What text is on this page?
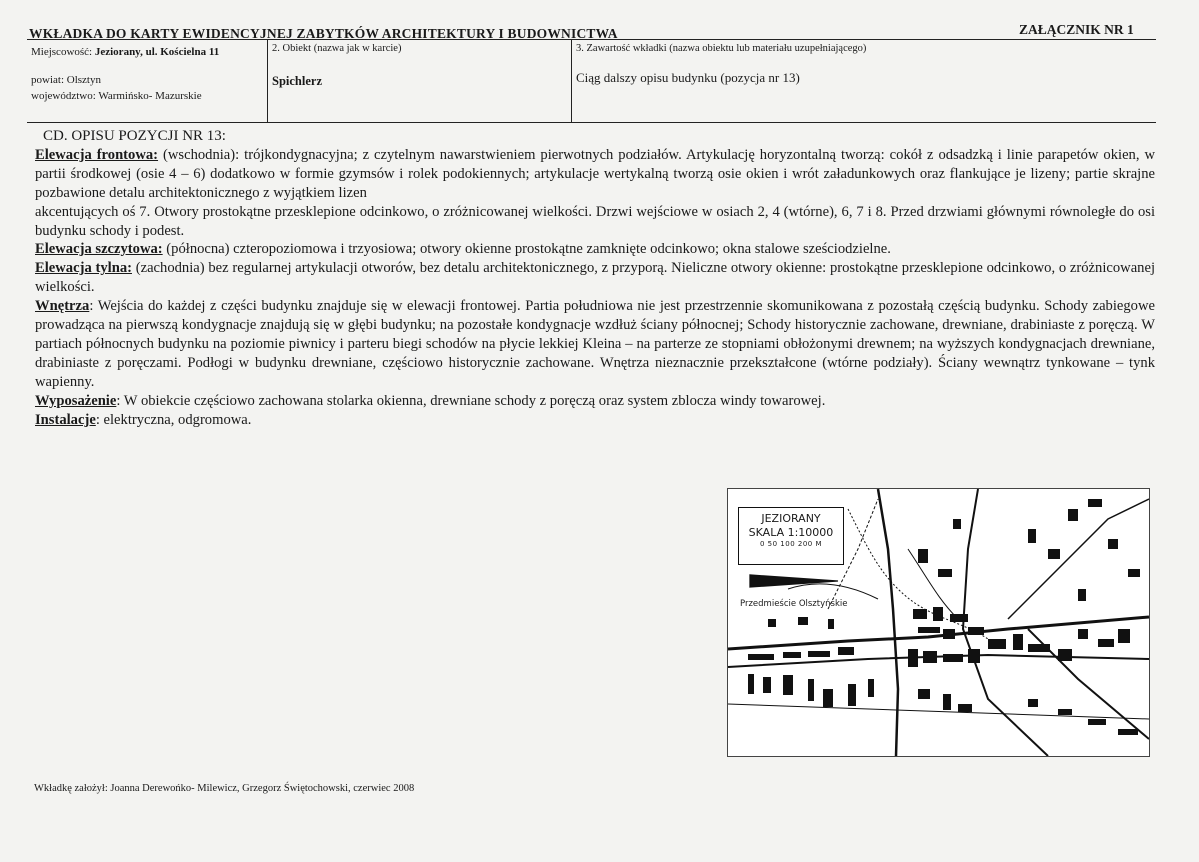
WKŁADKA DO KARTY EWIDENCYJNEJ ZABYTKÓW ARCHITEKTURY I BUDOWNICTWA	ZAŁĄCZNIK NR 1
Miejscowość: Jeziorany, ul. Kościelna 11
powiat: Olsztyn
województwo: Warmińsko- Mazurskie
2. Obiekt (nazwa jak w karcie)
Spichlerz
3. Zawartość wkładki (nazwa obiektu lub materiału uzupełniającego)
Ciąg dalszy opisu budynku (pozycja nr 13)

CD. OPISU POZYCJI NR 13:

Elewacja frontowa: (wschodnia): trójkondygnacyjna; z czytelnym nawarstwieniem pierwotnych podziałów. Artykulację horyzontalną tworzą: cokół z odsadzką i linie parapetów okien, w partii środkowej (osie 4 – 6) dodatkowo w formie gzymsów i rolek podokiennych; artykulacje wertykalną tworzą osie okien i wrót załadunkowych oraz flankujące je lizeny; partie skrajne pozbawione detalu architektonicznego z wyjątkiem lizen

akcentujących oś 7. Otwory prostokątne przesklepione odcinkowo, o zróżnicowanej wielkości. Drzwi wejściowe w osiach 2, 4 (wtórne), 6, 7 i 8. Przed drzwiami głównymi równoległe do osi budynku schody i podest.

Elewacja szczytowa: (północna) czteropoziomowa i trzyosiowa; otwory okienne prostokątne zamknięte odcinkowo; okna stalowe sześciodzielne.

Elewacja tylna: (zachodnia) bez regularnej artykulacji otworów, bez detalu architektonicznego, z przyporą. Nieliczne otwory okienne: prostokątne przesklepione odcinkowo, o zróżnicowanej wielkości.

Wnętrza: Wejścia do każdej z części budynku znajduje się w elewacji frontowej. Partia południowa nie jest przestrzennie skomunikowana z pozostałą częścią budynku. Schody zabiegowe prowadząca na pierwszą kondygnacje znajdują się w głębi budynku; na pozostałe kondygnacje wzdłuż ściany północnej; Schody historycznie zachowane, drewniane, drabiniaste z poręczą. W partiach północnych budynku na poziomie piwnicy i parteru biegi schodów na płycie lekkiej Kleina – na parterze ze stopniami obłożonymi drewnem; na wyższych kondygnacjach drewniane, drabiniaste z poręczami. Podłogi w budynku drewniane, częściowo historycznie zachowane. Wnętrza nieznacznie przekształcone (wtórne podziały). Ściany wewnątrz tynkowane – tynk wapienny.

Wyposażenie: W obiekcie częściowo zachowana stolarka okienna, drewniane schody z poręczą oraz system zblocza windy towarowej.

Instalacje: elektryczna, odgromowa.

JEZIORANY
SKALA 1:10000
0 50 100 200 M
Przedmieście Olsztyńskie
Wkładkę założył: Joanna Derewońko- Milewicz, Grzegorz Świętochowski, czerwiec 2008
